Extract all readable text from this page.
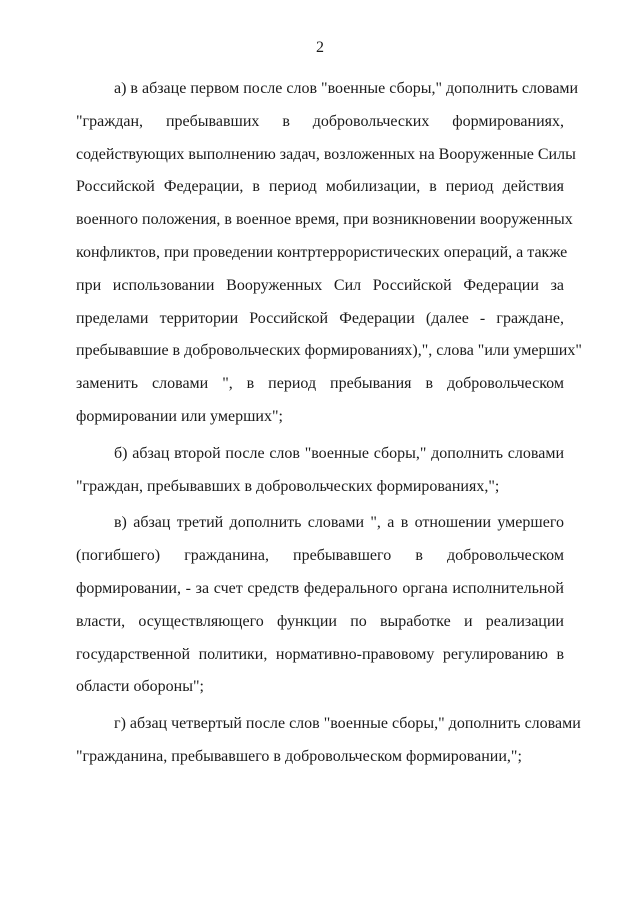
2
а) в абзаце первом после слов "военные сборы," дополнить словами
"граждан, пребывавших в добровольческих формированиях,
содействующих выполнению задач, возложенных на Вооруженные Силы
Российской Федерации, в период мобилизации, в период действия
военного положения, в военное время, при возникновении вооруженных
конфликтов, при проведении контртеррористических операций, а также
при использовании Вооруженных Сил Российской Федерации за
пределами территории Российской Федерации (далее - граждане,
пребывавшие в добровольческих формированиях),", слова "или умерших"
заменить словами ", в период пребывания в добровольческом
формировании или умерших";
б) абзац второй после слов "военные сборы," дополнить словами
"граждан, пребывавших в добровольческих формированиях,";
в) абзац третий дополнить словами ", а в отношении умершего
(погибшего) гражданина, пребывавшего в добровольческом
формировании, - за счет средств федерального органа исполнительной
власти, осуществляющего функции по выработке и реализации
государственной политики, нормативно-правовому регулированию в
области обороны";
г) абзац четвертый после слов "военные сборы," дополнить словами
"гражданина, пребывавшего в добровольческом формировании,";
